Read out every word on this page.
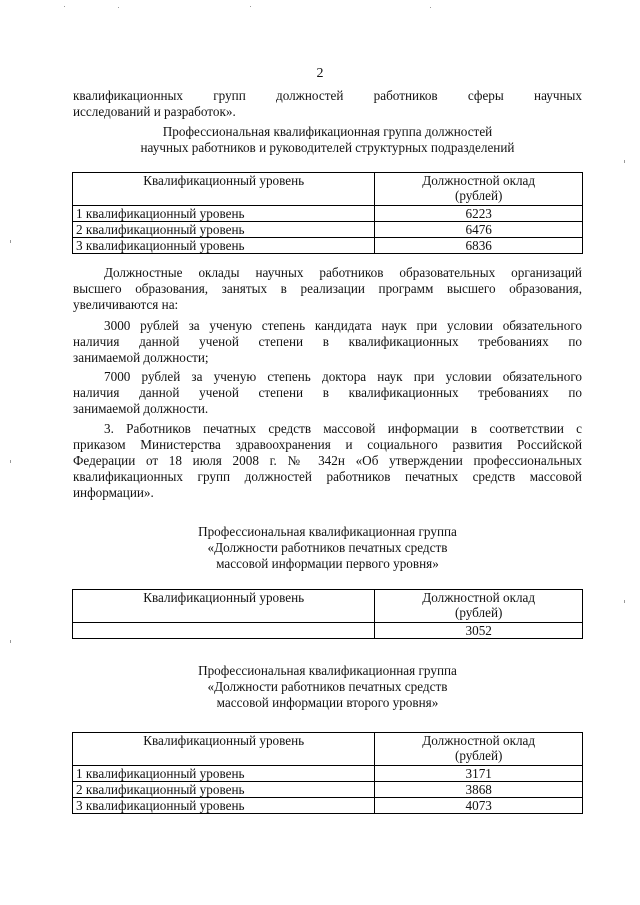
2
квалификационных групп должностей работников сферы научных
исследований и разработок».
Профессиональная квалификационная группа должностей
научных работников и руководителей структурных подразделений
Квалификационный уровень	Должностной оклад
(рублей)

1 квалификационный уровень	6223
2 квалификационный уровень	6476
3 квалификационный уровень	6836
Должностные оклады научных работников образовательных организаций
высшего образования, занятых в реализации программ высшего образования,
увеличиваются на:
3000 рублей за ученую степень кандидата наук при условии обязательного
наличия данной ученой степени в квалификационных требованиях по
занимаемой должности;
7000 рублей за ученую степень доктора наук при условии обязательного
наличия данной ученой степени в квалификационных требованиях по
занимаемой должности.
3. Работников печатных средств массовой информации в соответствии с
приказом Министерства здравоохранения и социального развития Российской
Федерации от 18 июля 2008 г. № 342н «Об утверждении профессиональных
квалификационных групп должностей работников печатных средств массовой
информации».
Профессиональная квалификационная группа
«Должности работников печатных средств
массовой информации первого уровня»
Квалификационный уровень	Должностной оклад
(рублей)

	3052
Профессиональная квалификационная группа
«Должности работников печатных средств
массовой информации второго уровня»
Квалификационный уровень	Должностной оклад
(рублей)

1 квалификационный уровень	3171
2 квалификационный уровень	3868
3 квалификационный уровень	4073
